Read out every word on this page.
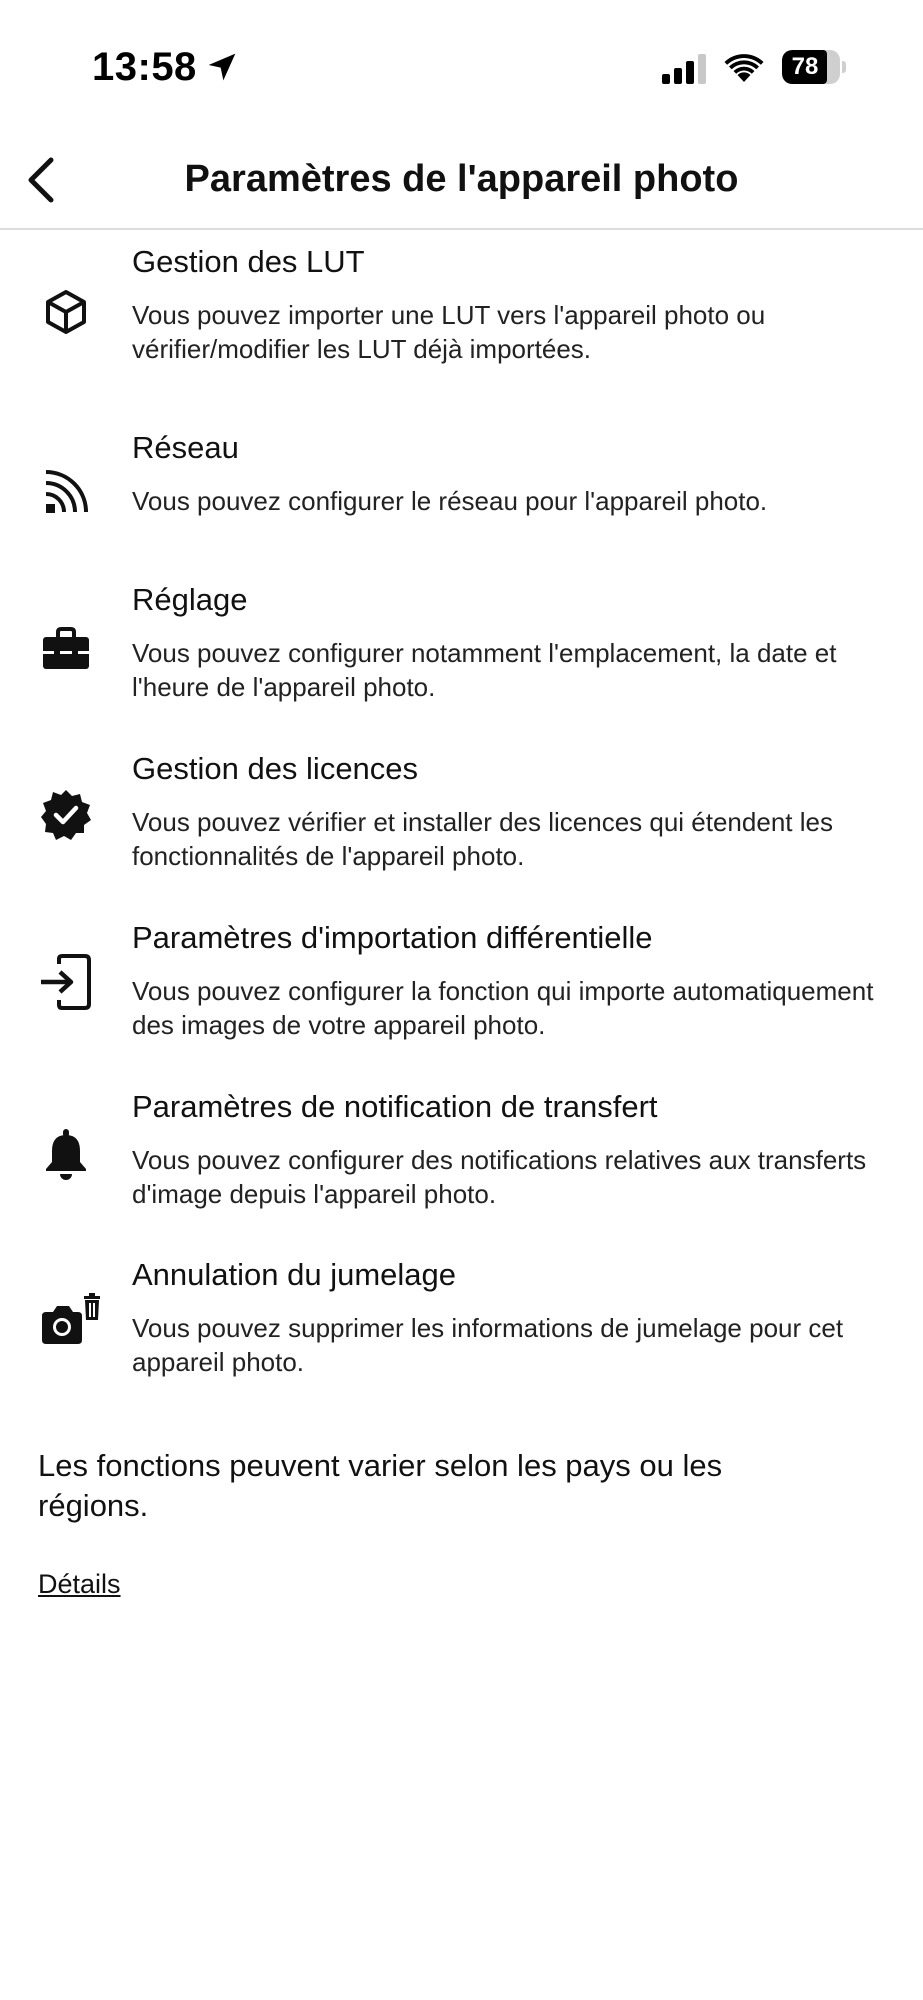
13:58	78
Paramètres de l'appareil photo
Gestion des LUT
Vous pouvez importer une LUT vers l'appareil photo ou vérifier/modifier les LUT déjà importées.
Réseau
Vous pouvez configurer le réseau pour l'appareil photo.
Réglage
Vous pouvez configurer notamment l'emplacement, la date et l'heure de l'appareil photo.
Gestion des licences
Vous pouvez vérifier et installer des licences qui étendent les fonctionnalités de l'appareil photo.
Paramètres d'importation différentielle
Vous pouvez configurer la fonction qui importe automatiquement des images de votre appareil photo.
Paramètres de notification de transfert
Vous pouvez configurer des notifications relatives aux transferts d'image depuis l'appareil photo.
Annulation du jumelage
Vous pouvez supprimer les informations de jumelage pour cet appareil photo.
Les fonctions peuvent varier selon les pays ou les régions.
Détails
